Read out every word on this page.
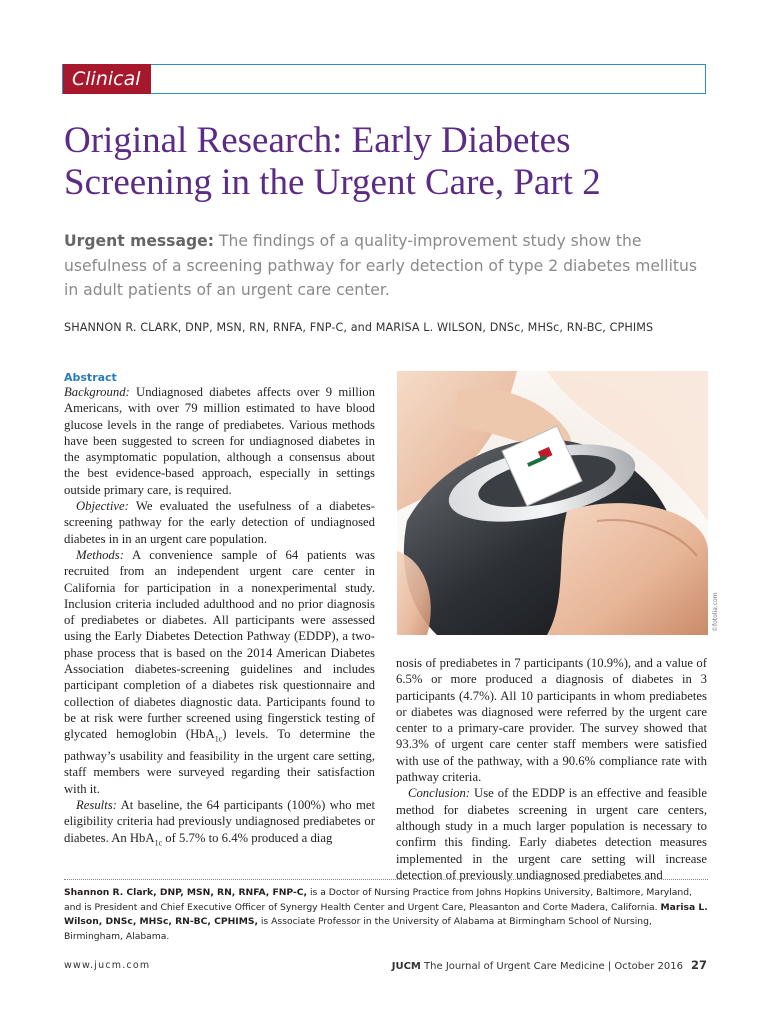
Clinical
Original Research: Early Diabetes Screening in the Urgent Care, Part 2
Urgent message: The findings of a quality-improvement study show the usefulness of a screening pathway for early detection of type 2 diabetes mellitus in adult patients of an urgent care center.
SHANNON R. CLARK, DNP, MSN, RN, RNFA, FNP-C, and MARISA L. WILSON, DNSc, MHSc, RN-BC, CPHIMS
Abstract

Background: Undiagnosed diabetes affects over 9 million Americans, with over 79 million estimated to have blood glucose levels in the range of prediabetes. Various methods have been suggested to screen for undiagnosed diabetes in the asymptomatic population, although a consensus about the best evidence-based approach, especially in settings outside primary care, is required.

Objective: We evaluated the usefulness of a diabetes-screening pathway for the early detection of undiagnosed diabetes in in an urgent care population.

Methods: A convenience sample of 64 patients was recruited from an independent urgent care center in California for participation in a nonexperimental study. Inclusion criteria included adulthood and no prior diagnosis of prediabetes or diabetes. All participants were assessed using the Early Diabetes Detection Pathway (EDDP), a two-phase process that is based on the 2014 American Diabetes Association diabetes-screening guidelines and includes participant completion of a diabetes risk questionnaire and collection of diabetes diagnostic data. Participants found to be at risk were further screened using fingerstick testing of glycated hemoglobin (HbA$_{1c}$) levels. To determine the pathway’s usability and feasibility in the urgent care setting, staff members were surveyed regarding their satisfaction with it.

Results: At baseline, the 64 participants (100%) who met eligibility criteria had previously undiagnosed prediabetes or diabetes. An HbA$_{1c}$ of 5.7% to 6.4% produced a diag

©fotolia.com

nosis of prediabetes in 7 participants (10.9%), and a value of 6.5% or more produced a diagnosis of diabetes in 3 participants (4.7%). All 10 participants in whom prediabetes or diabetes was diagnosed were referred by the urgent care center to a primary-care provider. The survey showed that 93.3% of urgent care center staff members were satisfied with use of the pathway, with a 90.6% compliance rate with pathway criteria.

Conclusion: Use of the EDDP is an effective and feasible method for diabetes screening in urgent care centers, although study in a much larger population is necessary to confirm this finding. Early diabetes detection measures implemented in the urgent care setting will increase detection of previously undiagnosed prediabetes and

Shannon R. Clark, DNP, MSN, RN, RNFA, FNP-C, is a Doctor of Nursing Practice from Johns Hopkins University, Baltimore, Maryland, and is President and Chief Executive Officer of Synergy Health Center and Urgent Care, Pleasanton and Corte Madera, California. Marisa L. Wilson, DNSc, MHSc, RN-BC, CPHIMS, is Associate Professor in the University of Alabama at Birmingham School of Nursing, Birmingham, Alabama.
www.jucm.com	JUCM The Journal of Urgent Care Medicine | October 2016 27
